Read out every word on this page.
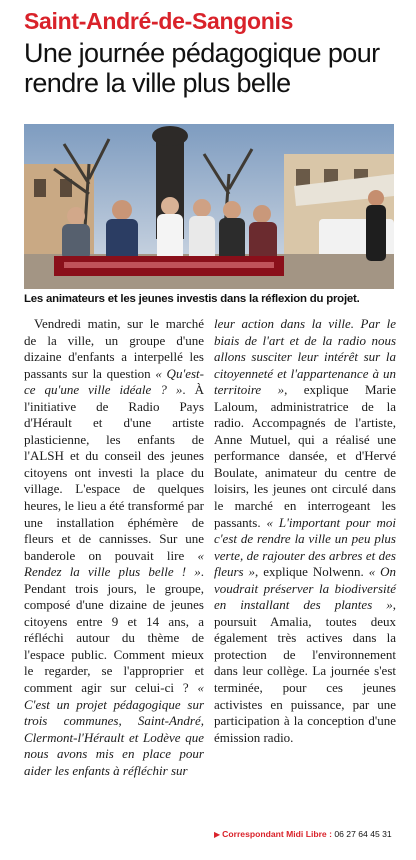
Saint-André-de-Sangonis
Une journée pédagogique pour rendre la ville plus belle
Les animateurs et les jeunes investis dans la réflexion du projet.

Vendredi matin, sur le marché de la ville, un groupe d'une dizaine d'enfants a interpellé les passants sur la question « Qu'est-ce qu'une ville idéale ? ». À l'initiative de Radio Pays d'Hérault et d'une artiste plasticienne, les enfants de l'ALSH et du conseil des jeunes citoyens ont investi la place du village. L'espace de quelques heures, le lieu a été transformé par une installation éphémère de fleurs et de cannisses. Sur une banderole on pouvait lire « Rendez la ville plus belle ! ». Pendant trois jours, le groupe, composé d'une dizaine de jeunes citoyens entre 9 et 14 ans, a réfléchi autour du thème de l'espace public. Comment mieux le regarder, se l'approprier et comment agir sur celui-ci ? « C'est un projet pédagogique sur trois communes, Saint-André, Clermont-l'Hérault et Lodève que nous avons mis en place pour aider les enfants à réfléchir sur

leur action dans la ville. Par le biais de l'art et de la radio nous allons susciter leur intérêt sur la citoyenneté et l'appartenance à un territoire », explique Marie Laloum, administratrice de la radio. Accompagnés de l'artiste, Anne Mutuel, qui a réalisé une performance dansée, et d'Hervé Boulate, animateur du centre de loisirs, les jeunes ont circulé dans le marché en interrogeant les passants. « L'important pour moi c'est de rendre la ville un peu plus verte, de rajouter des arbres et des fleurs », explique Nolwenn. « On voudrait préserver la biodiversité en installant des plantes », poursuit Amalia, toutes deux également très actives dans la protection de l'environnement dans leur collège. La journée s'est terminée, pour ces jeunes activistes en puissance, par une participation à la conception d'une émission radio.

▶ Correspondant Midi Libre : 06 27 64 45 31
